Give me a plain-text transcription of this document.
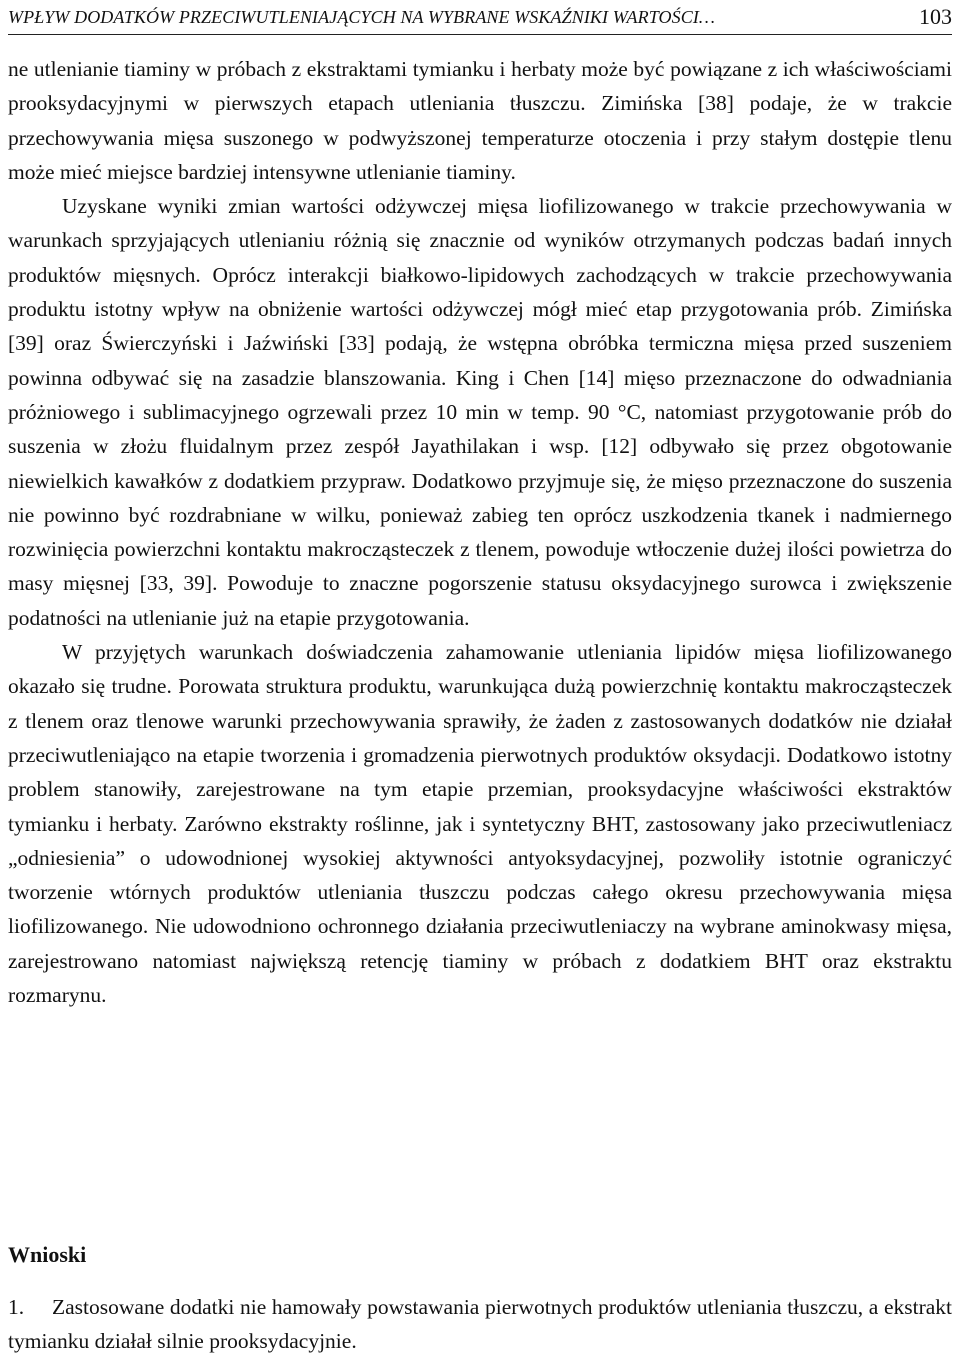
WPŁYW DODATKÓW PRZECIWUTLENIAJĄCYCH NA WYBRANE WSKAŹNIKI WARTOŚCI…	103

ne utlenianie tiaminy w próbach z ekstraktami tymianku i herbaty może być powiązane z ich właściwościami prooksydacyjnymi w pierwszych etapach utleniania tłuszczu. Zimińska [38] podaje, że w trakcie przechowywania mięsa suszonego w podwyższonej temperaturze otoczenia i przy stałym dostępie tlenu może mieć miejsce bardziej intensywne utlenianie tiaminy.

Uzyskane wyniki zmian wartości odżywczej mięsa liofilizowanego w trakcie przechowywania w warunkach sprzyjających utlenianiu różnią się znacznie od wyników otrzymanych podczas badań innych produktów mięsnych. Oprócz interakcji białkowo-lipidowych zachodzących w trakcie przechowywania produktu istotny wpływ na obniżenie wartości odżywczej mógł mieć etap przygotowania prób. Zimińska [39] oraz Świerczyński i Jaźwiński [33] podają, że wstępna obróbka termiczna mięsa przed suszeniem powinna odbywać się na zasadzie blanszowania. King i Chen [14] mięso przeznaczone do odwadniania próżniowego i sublimacyjnego ogrzewali przez 10 min w temp. 90 °C, natomiast przygotowanie prób do suszenia w złożu fluidalnym przez zespół Jayathilakan i wsp. [12] odbywało się przez obgotowanie niewielkich kawałków z dodatkiem przypraw. Dodatkowo przyjmuje się, że mięso przeznaczone do suszenia nie powinno być rozdrabniane w wilku, ponieważ zabieg ten oprócz uszkodzenia tkanek i nadmiernego rozwinięcia powierzchni kontaktu makrocząsteczek z tlenem, powoduje wtłoczenie dużej ilości powietrza do masy mięsnej [33, 39]. Powoduje to znaczne pogorszenie statusu oksydacyjnego surowca i zwiększenie podatności na utlenianie już na etapie przygotowania.

W przyjętych warunkach doświadczenia zahamowanie utleniania lipidów mięsa liofilizowanego okazało się trudne. Porowata struktura produktu, warunkująca dużą powierzchnię kontaktu makrocząsteczek z tlenem oraz tlenowe warunki przechowywania sprawiły, że żaden z zastosowanych dodatków nie działał przeciwutleniająco na etapie tworzenia i gromadzenia pierwotnych produktów oksydacji. Dodatkowo istotny problem stanowiły, zarejestrowane na tym etapie przemian, prooksydacyjne właściwości ekstraktów tymianku i herbaty. Zarówno ekstrakty roślinne, jak i syntetyczny BHT, zastosowany jako przeciwutleniacz „odniesienia” o udowodnionej wysokiej aktywności antyoksydacyjnej, pozwoliły istotnie ograniczyć tworzenie wtórnych produktów utleniania tłuszczu podczas całego okresu przechowywania mięsa liofilizowanego. Nie udowodniono ochronnego działania przeciwutleniaczy na wybrane aminokwasy mięsa, zarejestrowano natomiast największą retencję tiaminy w próbach z dodatkiem BHT oraz ekstraktu rozmarynu.

Wnioski
1.	Zastosowane dodatki nie hamowały powstawania pierwotnych produktów utleniania tłuszczu, a ekstrakt tymianku działał silnie prooksydacyjnie.
